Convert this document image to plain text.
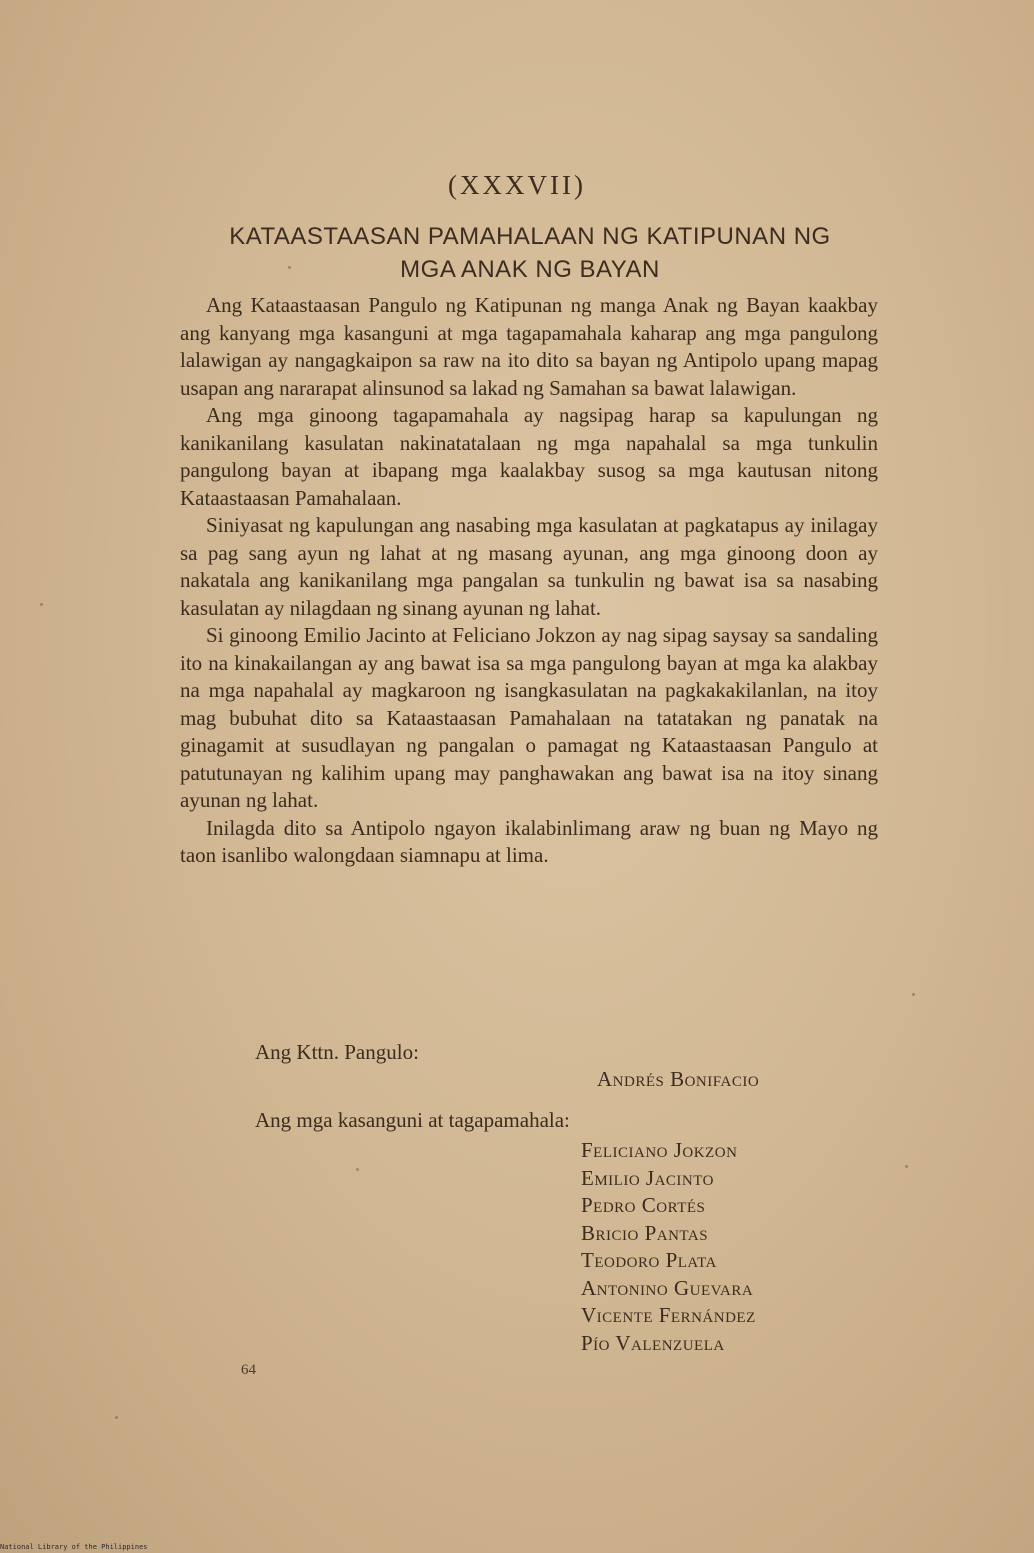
(XXXVII)
KATAASTAASAN PAMAHALAAN NG KATIPUNAN NG
MGA ANAK NG BAYAN

Ang Kataastaasan Pangulo ng Katipunan ng manga Anak ng Bayan kaakbay ang kanyang mga kasanguni at mga tagapamahala kaharap ang mga pangulong lalawigan ay nangagkaipon sa raw na ito dito sa bayan ng Antipolo upang mapag usapan ang nararapat alinsunod sa lakad ng Samahan sa bawat lalawigan.

Ang mga ginoong tagapamahala ay nagsipag harap sa kapulungan ng kanikanilang kasulatan nakinatatalaan ng mga napahalal sa mga tunkulin pangulong bayan at ibapang mga kaalakbay susog sa mga kautusan nitong Kataastaasan Pamahalaan.

Siniyasat ng kapulungan ang nasabing mga kasulatan at pagkatapus ay inilagay sa pag sang ayun ng lahat at ng masang ayunan, ang mga ginoong doon ay nakatala ang kanikanilang mga pangalan sa tunkulin ng bawat isa sa nasabing kasulatan ay nilagdaan ng sinang ayunan ng lahat.

Si ginoong Emilio Jacinto at Feliciano Jokzon ay nag sipag saysay sa sandaling ito na kinakailangan ay ang bawat isa sa mga pangulong bayan at mga ka alakbay na mga napahalal ay magkaroon ng isangkasulatan na pagkakakilanlan, na itoy mag bubuhat dito sa Kataastaasan Pamahalaan na tatatakan ng panatak na ginagamit at susudlayan ng pangalan o pamagat ng Kataastaasan Pangulo at patutunayan ng kalihim upang may panghawakan ang bawat isa na itoy sinang ayunan ng lahat.

Inilagda dito sa Antipolo ngayon ikalabinlimang araw ng buan ng Mayo ng taon isanlibo walongdaan siamnapu at lima.

Ang Kttn. Pangulo:
Andrés Bonifacio
Ang mga kasanguni at tagapamahala:
Feliciano Jokzon
Emilio Jacinto
Pedro Cortés
Bricio Pantas
Teodoro Plata
Antonino Guevara
Vicente Fernández
Pío Valenzuela
64
National Library of the Philippines
